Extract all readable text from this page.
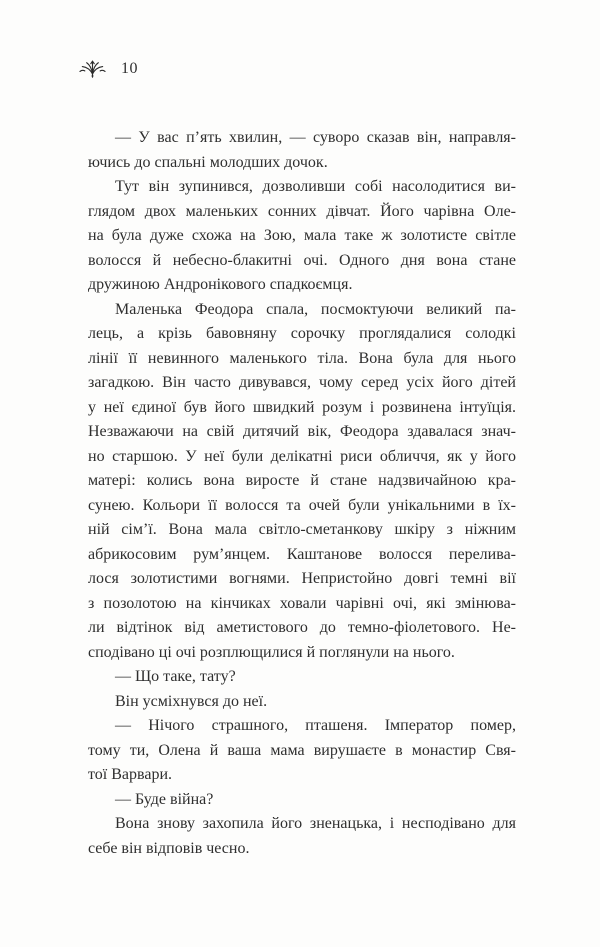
10
— У вас п’ять хвилин, — суворо сказав він, направля-
ючись до спальні молодших дочок.
Тут він зупинився, дозволивши собі насолодитися ви-
глядом двох маленьких сонних дівчат. Його чарівна Оле-
на була дуже схожа на Зою, мала таке ж золотисте світле
волосся й небесно-блакитні очі. Одного дня вона стане
дружиною Андронікового спадкоємця.
Маленька Феодора спала, посмоктуючи великий па-
лець, а крізь бавовняну сорочку проглядалися солодкі
лінії її невинного маленького тіла. Вона була для нього
загадкою. Він часто дивувався, чому серед усіх його дітей
у неї єдиної був його швидкий розум і розвинена інтуїція.
Незважаючи на свій дитячий вік, Феодора здавалася знач-
но старшою. У неї були делікатні риси обличчя, як у його
матері: колись вона виросте й стане надзвичайною кра-
сунею. Кольори її волосся та очей були унікальними в їх-
ній сім’ї. Вона мала світло-сметанкову шкіру з ніжним
абрикосовим рум’янцем. Каштанове волосся перелива-
лося золотистими вогнями. Непристойно довгі темні вії
з позолотою на кінчиках ховали чарівні очі, які змінюва-
ли відтінок від аметистового до темно-фіолетового. Не-
сподівано ці очі розплющилися й поглянули на нього.
— Що таке, тату?
Він усміхнувся до неї.
— Нічого страшного, пташеня. Імператор помер,
тому ти, Олена й ваша мама вирушаєте в монастир Свя-
тої Варвари.
— Буде війна?
Вона знову захопила його зненацька, і несподівано для
себе він відповів чесно.
